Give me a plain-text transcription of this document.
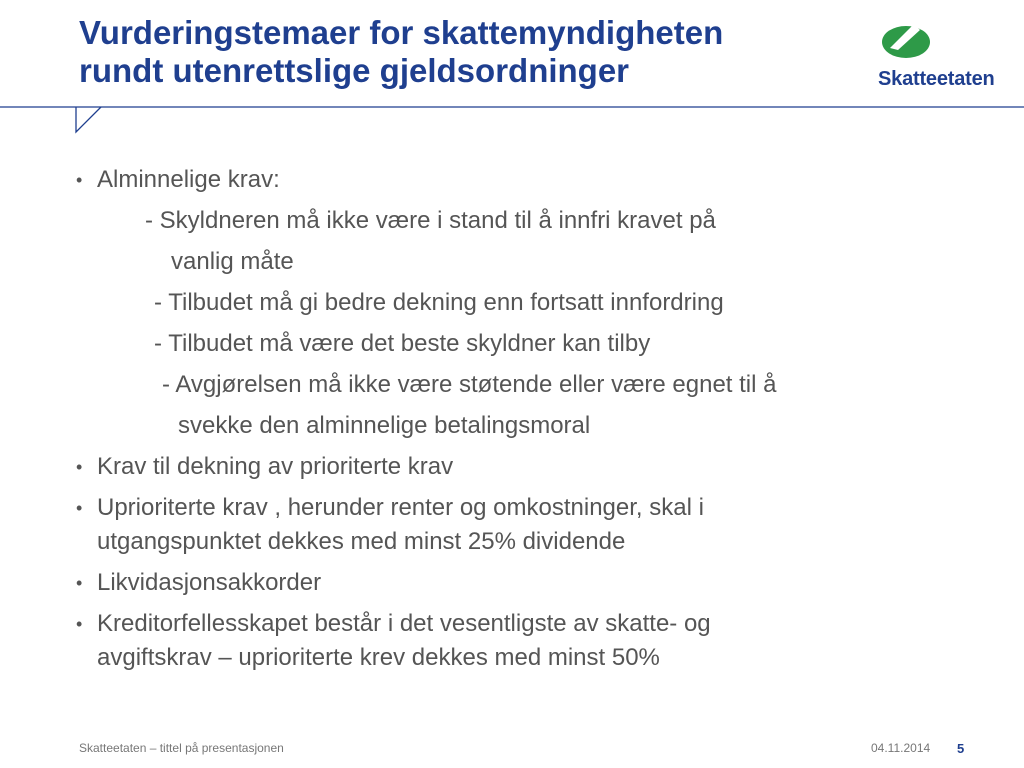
Vurderingstemaer for skattemyndigheten
rundt utenrettslige gjeldsordninger	Skatteetaten
• Alminnelige krav:
- Skyldneren må ikke være i stand til å innfri kravet på
vanlig måte
- Tilbudet må gi bedre dekning enn fortsatt innfordring
- Tilbudet må være det beste skyldner kan tilby
- Avgjørelsen må ikke være støtende eller være egnet til å
svekke den alminnelige betalingsmoral
• Krav til dekning av prioriterte krav
• Uprioriterte krav , herunder renter og omkostninger, skal i
utgangspunktet dekkes med minst 25% dividende
• Likvidasjonsakkorder
• Kreditorfellesskapet består i det vesentligste av skatte- og
avgiftskrav – uprioriterte krev dekkes med minst 50%
Skatteetaten – tittel på presentasjonen	04.11.2014 5
